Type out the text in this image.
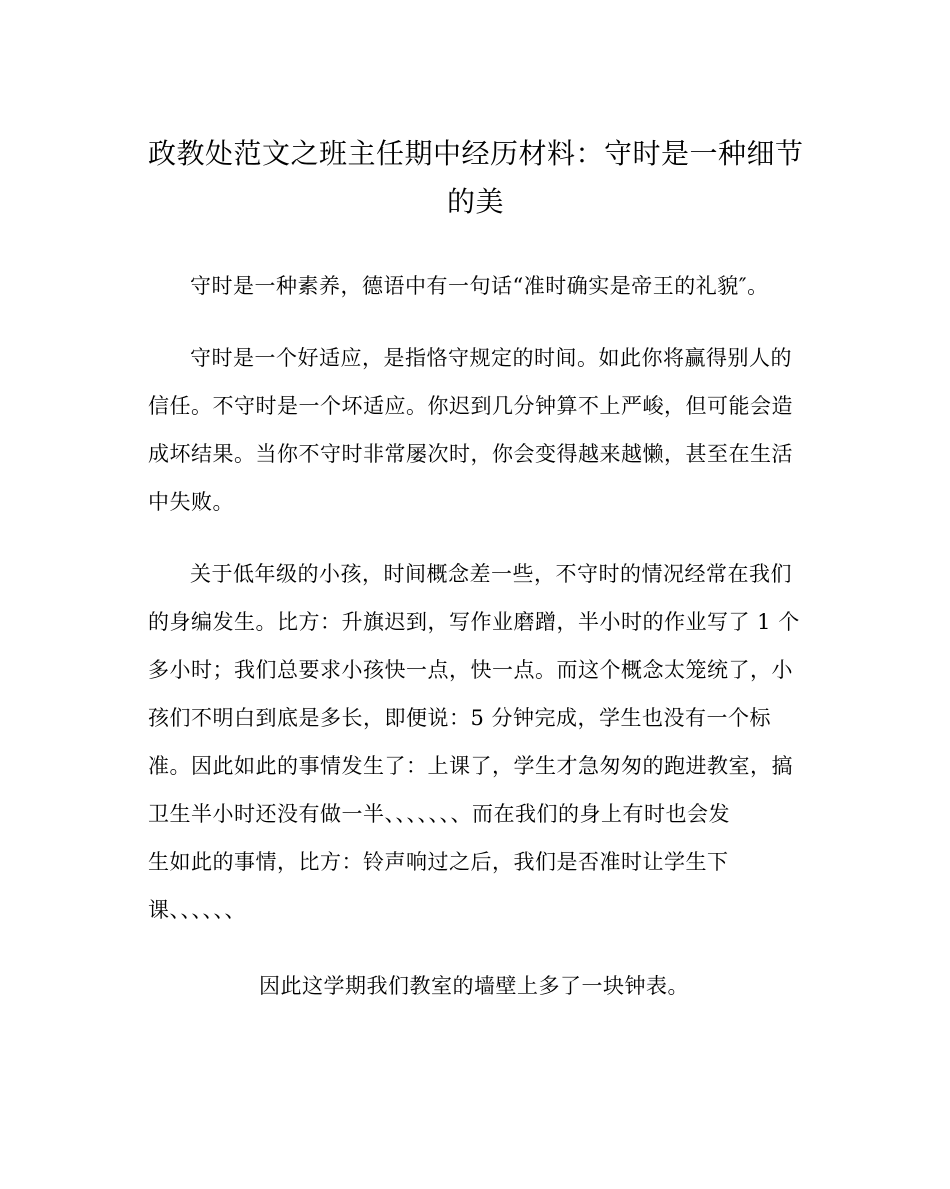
政教处范文之班主任期中经历材料：守时是一种细节
的美

守时是一种素养，德语中有一句话“准时确实是帝王的礼貌″。

守时是一个好适应，是指恪守规定的时间。如此你将赢得别人的
信任。不守时是一个坏适应。你迟到几分钟算不上严峻，但可能会造
成坏结果。当你不守时非常屡次时，你会变得越来越懒，甚至在生活
中失败。

关于低年级的小孩，时间概念差一些，不守时的情况经常在我们
的身编发生。比方：升旗迟到，写作业磨蹭，半小时的作业写了 1 个
多小时；我们总要求小孩快一点，快一点。而这个概念太笼统了，小
孩们不明白到底是多长，即便说：5 分钟完成，学生也没有一个标
准。因此如此的事情发生了：上课了，学生才急匆匆的跑进教室，搞
卫生半小时还没有做一半、、、、、、、而在我们的身上有时也会发
生如此的事情，比方：铃声响过之后，我们是否准时让学生下
课、、、、、、

因此这学期我们教室的墙壁上多了一块钟表。
